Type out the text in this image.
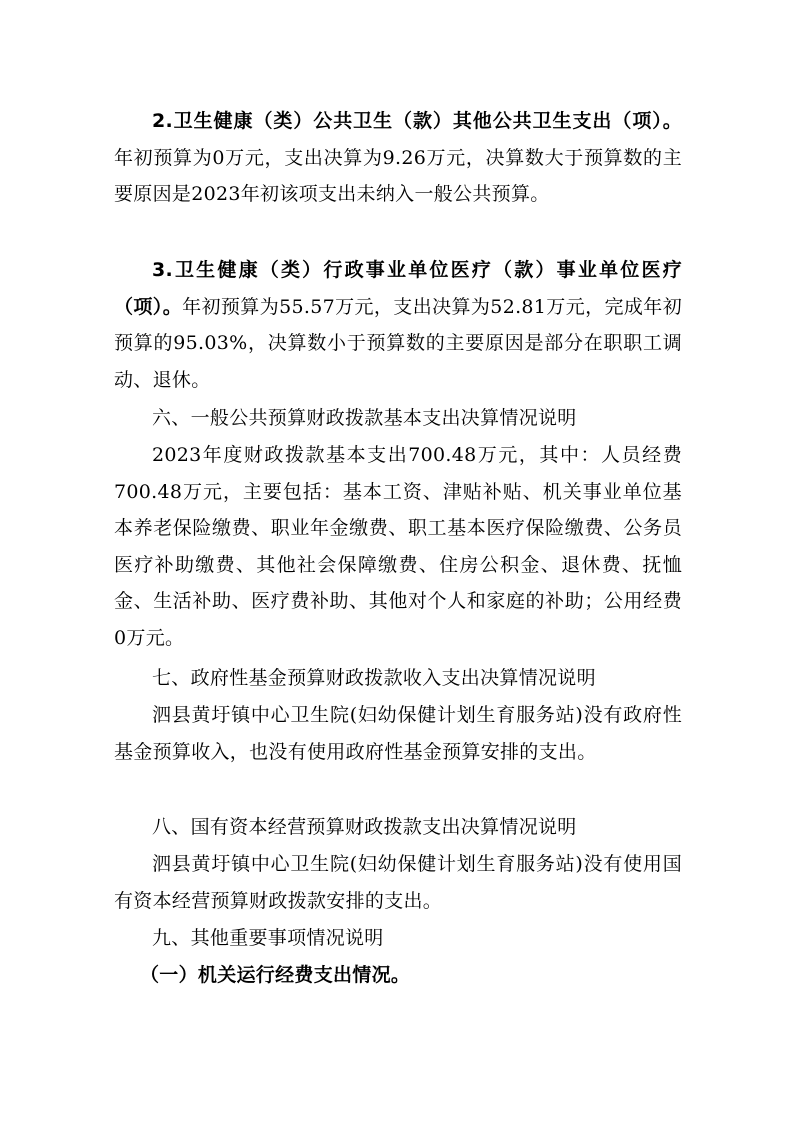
2.卫生健康（类）公共卫生（款）其他公共卫生支出（项）。年初预算为0万元，支出决算为9.26万元，决算数大于预算数的主要原因是2023年初该项支出未纳入一般公共预算。

3.卫生健康（类）行政事业单位医疗（款）事业单位医疗（项）。年初预算为55.57万元，支出决算为52.81万元，完成年初预算的95.03%，决算数小于预算数的主要原因是部分在职职工调动、退休。

六、一般公共预算财政拨款基本支出决算情况说明

2023年度财政拨款基本支出700.48万元，其中：人员经费700.48万元，主要包括：基本工资、津贴补贴、机关事业单位基本养老保险缴费、职业年金缴费、职工基本医疗保险缴费、公务员医疗补助缴费、其他社会保障缴费、住房公积金、退休费、抚恤金、生活补助、医疗费补助、其他对个人和家庭的补助；公用经费0万元。

七、政府性基金预算财政拨款收入支出决算情况说明

泗县黄圩镇中心卫生院(妇幼保健计划生育服务站)没有政府性基金预算收入，也没有使用政府性基金预算安排的支出。

八、国有资本经营预算财政拨款支出决算情况说明

泗县黄圩镇中心卫生院(妇幼保健计划生育服务站)没有使用国有资本经营预算财政拨款安排的支出。

九、其他重要事项情况说明

（一）机关运行经费支出情况。
